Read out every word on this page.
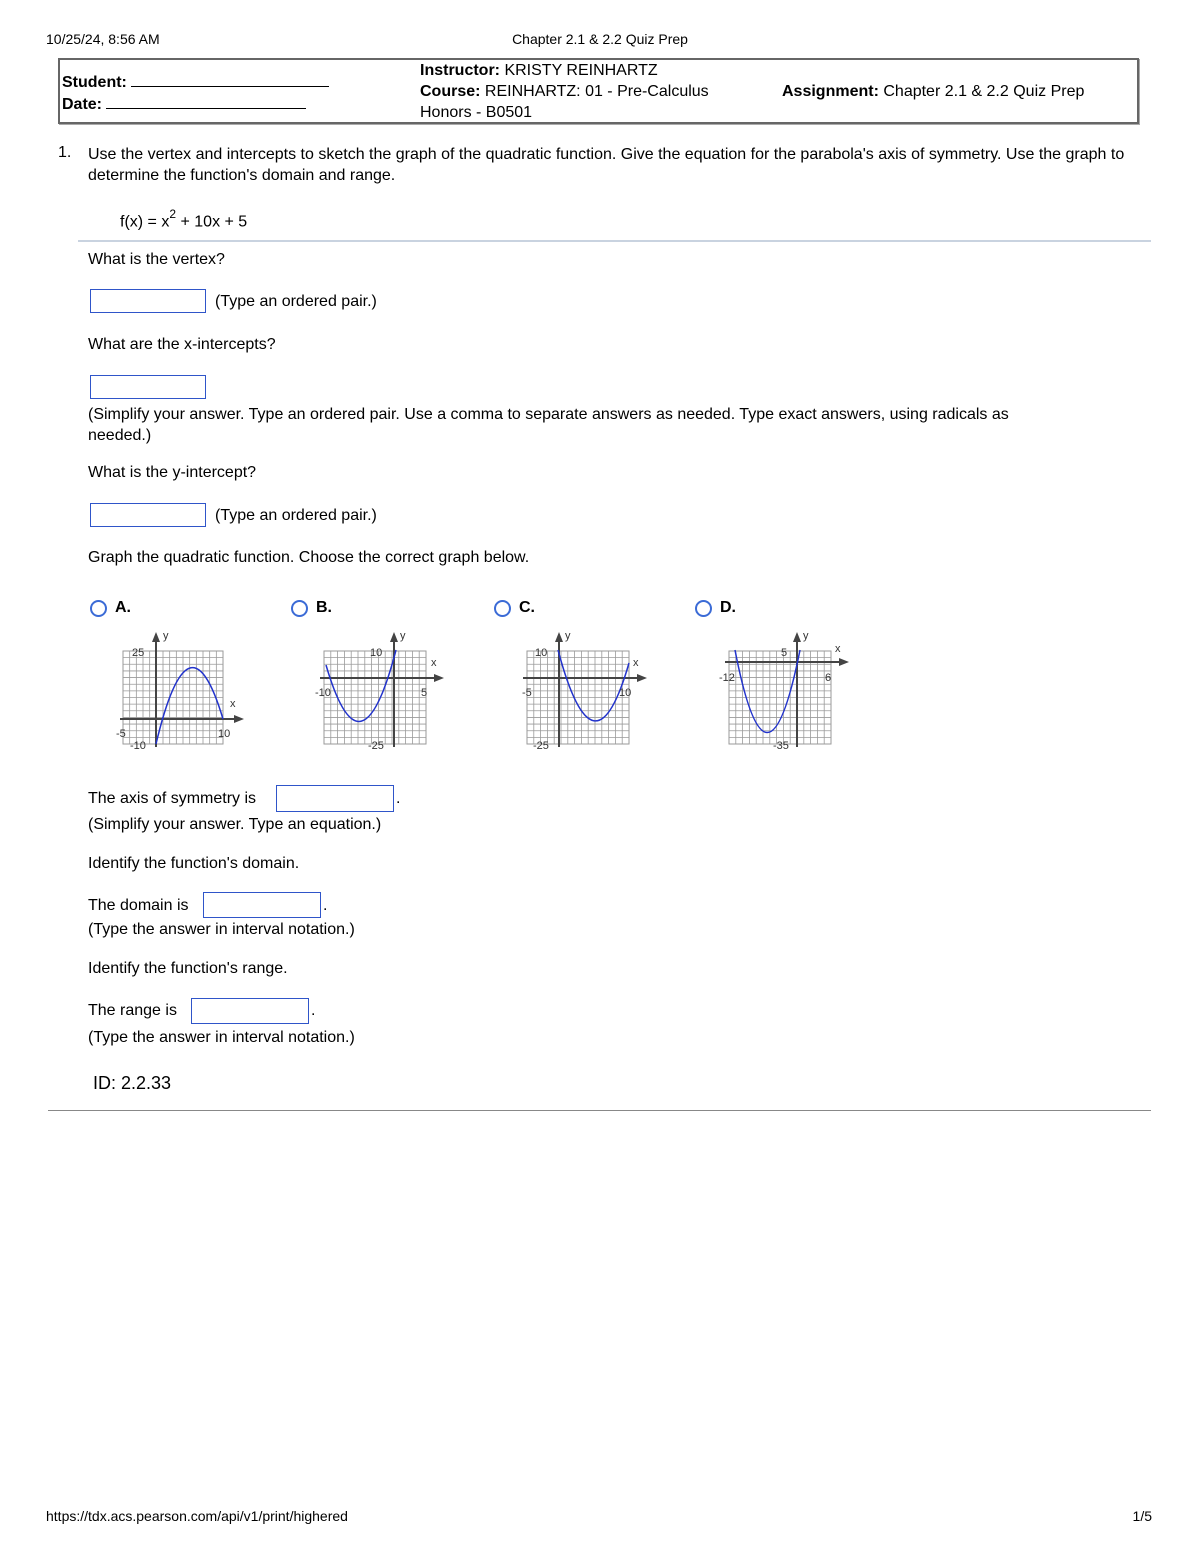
10/25/24, 8:56 AM	Chapter 2.1 & 2.2 Quiz Prep
Student:
Date:
Instructor: KRISTY REINHARTZ
Course: REINHARTZ: 01 - Pre-Calculus
Honors - B0501
Assignment: Chapter 2.1 & 2.2 Quiz Prep
1. Use the vertex and intercepts to sketch the graph of the quadratic function. Give the equation for the parabola's axis of symmetry. Use the graph to determine the function's domain and range.
$f(x) = x^2 + 10x + 5$
What is the vertex?
(Type an ordered pair.)
What are the x-intercepts?
(Simplify your answer. Type an ordered pair. Use a comma to separate answers as needed. Type exact answers, using radicals as needed.)
What is the y-intercept?
(Type an ordered pair.)
Graph the quadratic function. Choose the correct graph below.
A.	B.	C.	D.
y
x
25
-5	10
-10
y
x
10
-10	5
-25
y
x
10
-5	10
-25
y
x
5
-12	6
-35
The axis of symmetry is	.
(Simplify your answer. Type an equation.)
Identify the function's domain.
The domain is	.
(Type the answer in interval notation.)
Identify the function's range.
The range is	.
(Type the answer in interval notation.)
ID: 2.2.33
https://tdx.acs.pearson.com/api/v1/print/highered	1/5
